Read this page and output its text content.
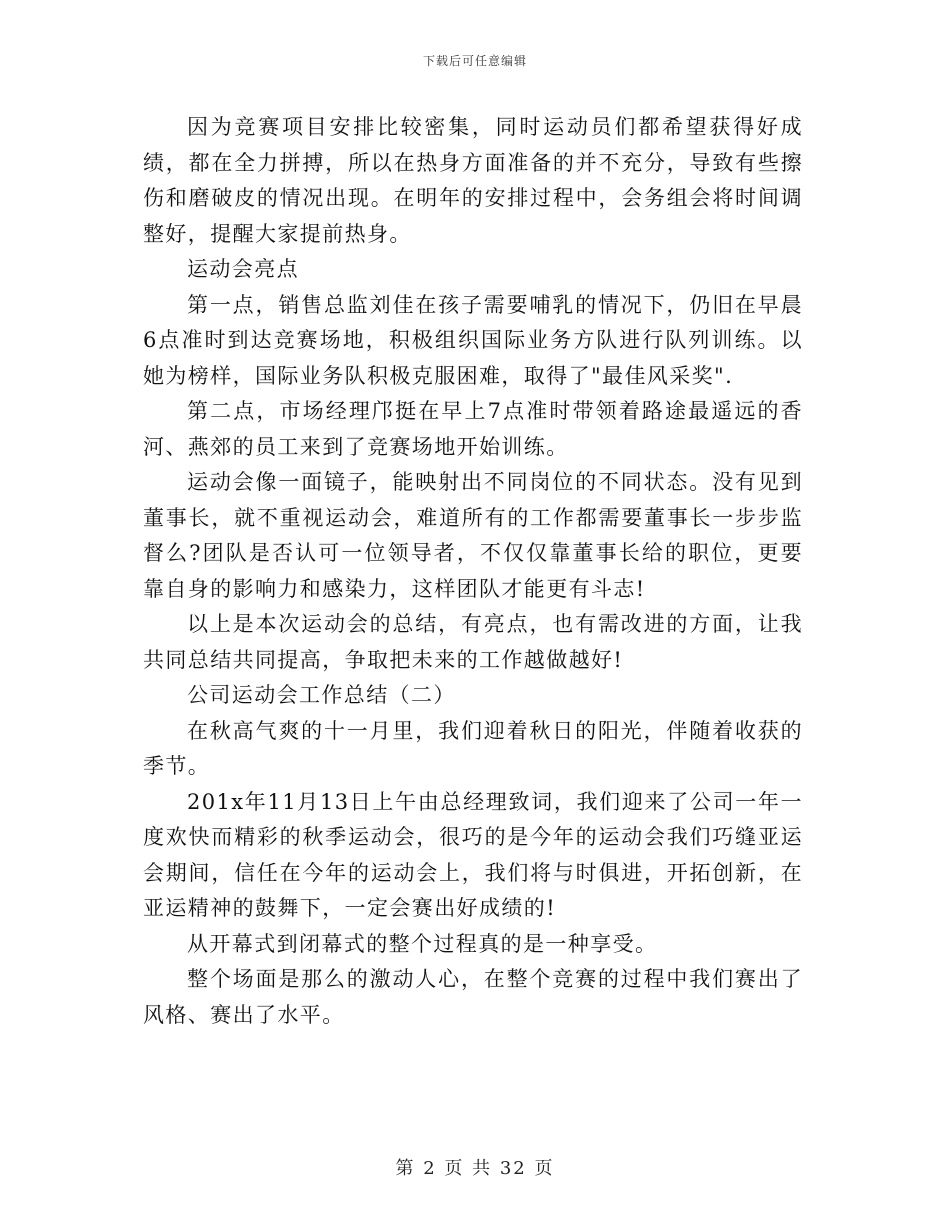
下载后可任意编辑

因为竞赛项目安排比较密集，同时运动员们都希望获得好成绩，都在全力拼搏，所以在热身方面准备的并不充分，导致有些擦伤和磨破皮的情况出现。在明年的安排过程中，会务组会将时间调整好，提醒大家提前热身。

运动会亮点

第一点，销售总监刘佳在孩子需要哺乳的情况下，仍旧在早晨6点准时到达竞赛场地，积极组织国际业务方队进行队列训练。以她为榜样，国际业务队积极克服困难，取得了"最佳风采奖".

第二点，市场经理邝挺在早上7点准时带领着路途最遥远的香河、燕郊的员工来到了竞赛场地开始训练。

运动会像一面镜子，能映射出不同岗位的不同状态。没有见到董事长，就不重视运动会，难道所有的工作都需要董事长一步步监督么?团队是否认可一位领导者，不仅仅靠董事长给的职位，更要靠自身的影响力和感染力，这样团队才能更有斗志!

以上是本次运动会的总结，有亮点，也有需改进的方面，让我共同总结共同提高，争取把未来的工作越做越好!

公司运动会工作总结（二）

在秋高气爽的十一月里，我们迎着秋日的阳光，伴随着收获的季节。

201x年11月13日上午由总经理致词，我们迎来了公司一年一度欢快而精彩的秋季运动会，很巧的是今年的运动会我们巧缝亚运会期间，信任在今年的运动会上，我们将与时俱进，开拓创新，在亚运精神的鼓舞下，一定会赛出好成绩的!

从开幕式到闭幕式的整个过程真的是一种享受。

整个场面是那么的激动人心，在整个竞赛的过程中我们赛出了风格、赛出了水平。

第 2 页 共 32 页
